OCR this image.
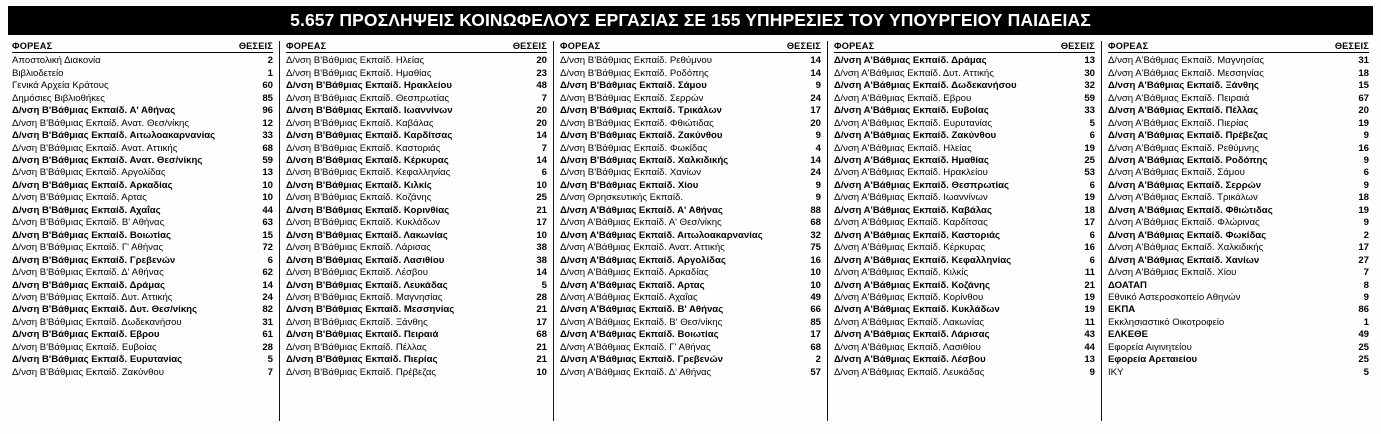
5.657 ΠΡΟΣΛΗΨΕΙΣ ΚΟΙΝΩΦΕΛΟΥΣ ΕΡΓΑΣΙΑΣ ΣΕ 155 ΥΠΗΡΕΣΙΕΣ ΤΟΥ ΥΠΟΥΡΓΕΙΟΥ ΠΑΙΔΕΙΑΣ
ΦΟΡΕΑΣ	ΘΕΣΕΙΣ
Αποστολική Διακονία	2
Βιβλιοδετείο	1
Γενικά Αρχεία Κράτους	60
Δημόσιες Βιβλιοθήκες	85
Δ/νση Β'Βάθμιας Εκπαίδ. Α' Αθήνας	96
Δ/νση Β'Βάθμιας Εκπαίδ. Ανατ. Θεσ/νίκης	12
Δ/νση Β'Βάθμιας Εκπαίδ. Αιτωλοακαρνανίας	33
Δ/νση Β'Βάθμιας Εκπαίδ. Ανατ. Αττικής	68
Δ/νση Β'Βάθμιας Εκπαίδ. Ανατ. Θεσ/νίκης	59
Δ/νση Β'Βάθμιας Εκπαίδ. Αργολίδας	13
Δ/νση Β'Βάθμιας Εκπαίδ. Αρκαδίας	10
Δ/νση Β'Βάθμιας Εκπαίδ. Αρτας	10
Δ/νση Β'Βάθμιας Εκπαίδ. Αχαΐας	44
Δ/νση Β'Βάθμιας Εκπαίδ. Β' Αθήνας	63
Δ/νση Β'Βάθμιας Εκπαίδ. Βοιωτίας	15
Δ/νση Β'Βάθμιας Εκπαίδ. Γ' Αθήνας	72
Δ/νση Β'Βάθμιας Εκπαίδ. Γρεβενών	6
Δ/νση Β'Βάθμιας Εκπαίδ. Δ' Αθήνας	62
Δ/νση Β'Βάθμιας Εκπαίδ. Δράμας	14
Δ/νση Β'Βάθμιας Εκπαίδ. Δυτ. Αττικής	24
Δ/νση Β'Βάθμιας Εκπαίδ. Δυτ. Θεσ/νίκης	82
Δ/νση Β'Βάθμιας Εκπαίδ. Δωδεκανήσου	31
Δ/νση Β'Βάθμιας Εκπαίδ. Εβρου	61
Δ/νση Β'Βάθμιας Εκπαίδ. Ευβοίας	28
Δ/νση Β'Βάθμιας Εκπαίδ. Ευρυτανίας	5
Δ/νση Β'Βάθμιας Εκπαίδ. Ζακύνθου	7
ΦΟΡΕΑΣ	ΘΕΣΕΙΣ
Δ/νση Β'Βάθμιας Εκπαίδ. Ηλείας	20
Δ/νση Β'Βάθμιας Εκπαίδ. Ημαθίας	23
Δ/νση Β'Βάθμιας Εκπαίδ. Ηρακλείου	48
Δ/νση Β'Βάθμιας Εκπαίδ. Θεσπρωτίας	7
Δ/νση Β'Βάθμιας Εκπαίδ. Ιωαννίνων	20
Δ/νση Β'Βάθμιας Εκπαίδ. Καβάλας	20
Δ/νση Β'Βάθμιας Εκπαίδ. Καρδίτσας	14
Δ/νση Β'Βάθμιας Εκπαίδ. Καστοριάς	7
Δ/νση Β'Βάθμιας Εκπαίδ. Κέρκυρας	14
Δ/νση Β'Βάθμιας Εκπαίδ. Κεφαλληνίας	6
Δ/νση Β'Βάθμιας Εκπαίδ. Κιλκίς	10
Δ/νση Β'Βάθμιας Εκπαίδ. Κοζάνης	25
Δ/νση Β'Βάθμιας Εκπαίδ. Κορινθίας	21
Δ/νση Β'Βάθμιας Εκπαίδ. Κυκλάδων	17
Δ/νση Β'Βάθμιας Εκπαίδ. Λακωνίας	10
Δ/νση Β'Βάθμιας Εκπαίδ. Λάρισας	38
Δ/νση Β'Βάθμιας Εκπαίδ. Λασιθίου	38
Δ/νση Β'Βάθμιας Εκπαίδ. Λέσβου	14
Δ/νση Β'Βάθμιας Εκπαίδ. Λευκάδας	5
Δ/νση Β'Βάθμιας Εκπαίδ. Μαγνησίας	28
Δ/νση Β'Βάθμιας Εκπαίδ. Μεσσηνίας	21
Δ/νση Β'Βάθμιας Εκπαίδ. Ξάνθης	17
Δ/νση Β'Βάθμιας Εκπαίδ. Πειραιά	68
Δ/νση Β'Βάθμιας Εκπαίδ. Πέλλας	21
Δ/νση Β'Βάθμιας Εκπαίδ. Πιερίας	21
Δ/νση Β'Βάθμιας Εκπαίδ. Πρέβεζας	10
ΦΟΡΕΑΣ	ΘΕΣΕΙΣ
Δ/νση Β'Βάθμιας Εκπαίδ. Ρεθύμνου	14
Δ/νση Β'Βάθμιας Εκπαίδ. Ροδόπης	14
Δ/νση Β'Βάθμιας Εκπαίδ. Σάμου	9
Δ/νση Β'Βάθμιας Εκπαίδ. Σερρών	24
Δ/νση Β'Βάθμιας Εκπαίδ. Τρικάλων	17
Δ/νση Β'Βάθμιας Εκπαίδ. Φθιώτιδας	20
Δ/νση Β'Βάθμιας Εκπαίδ. Ζακύνθου	9
Δ/νση Β'Βάθμιας Εκπαίδ. Φωκίδας	4
Δ/νση Β'Βάθμιας Εκπαίδ. Χαλκιδικής	14
Δ/νση Β'Βάθμιας Εκπαίδ. Χανίων	24
Δ/νση Β'Βάθμιας Εκπαίδ. Χίου	9
Δ/νση Θρησκευτικής Εκπαίδ.	9
Δ/νση Α'Βάθμιας Εκπαίδ. Α' Αθήνας	88
Δ/νση Α'Βάθμιας Εκπαίδ. Α' Θεσ/νίκης	68
Δ/νση Α'Βάθμιας Εκπαίδ. Αιτωλοακαρνανίας	32
Δ/νση Α'Βάθμιας Εκπαίδ. Ανατ. Αττικής	75
Δ/νση Α'Βάθμιας Εκπαίδ. Αργολίδας	16
Δ/νση Α'Βάθμιας Εκπαίδ. Αρκαδίας	10
Δ/νση Α'Βάθμιας Εκπαίδ. Αρτας	10
Δ/νση Α'Βάθμιας Εκπαίδ. Αχαΐας	49
Δ/νση Α'Βάθμιας Εκπαίδ. Β' Αθήνας	66
Δ/νση Α'Βάθμιας Εκπαίδ. Β' Θεσ/νίκης	85
Δ/νση Α'Βάθμιας Εκπαίδ. Βοιωτίας	17
Δ/νση Α'Βάθμιας Εκπαίδ. Γ' Αθήνας	68
Δ/νση Α'Βάθμιας Εκπαίδ. Γρεβενών	2
Δ/νση Α'Βάθμιας Εκπαίδ. Δ' Αθήνας	57
ΦΟΡΕΑΣ	ΘΕΣΕΙΣ
Δ/νση Α'Βάθμιας Εκπαίδ. Δράμας	13
Δ/νση Α'Βάθμιας Εκπαίδ. Δυτ. Αττικής	30
Δ/νση Α'Βάθμιας Εκπαίδ. Δωδεκανήσου	32
Δ/νση Α'Βάθμιας Εκπαίδ. Εβρου	59
Δ/νση Α'Βάθμιας Εκπαίδ. Ευβοίας	33
Δ/νση Α'Βάθμιας Εκπαίδ. Ευρυτανίας	5
Δ/νση Α'Βάθμιας Εκπαίδ. Ζακύνθου	6
Δ/νση Α'Βάθμιας Εκπαίδ. Ηλείας	19
Δ/νση Α'Βάθμιας Εκπαίδ. Ημαθίας	25
Δ/νση Α'Βάθμιας Εκπαίδ. Ηρακλείου	53
Δ/νση Α'Βάθμιας Εκπαίδ. Θεσπρωτίας	6
Δ/νση Α'Βάθμιας Εκπαίδ. Ιωαννίνων	19
Δ/νση Α'Βάθμιας Εκπαίδ. Καβάλας	18
Δ/νση Α'Βάθμιας Εκπαίδ. Καρδίτσας	17
Δ/νση Α'Βάθμιας Εκπαίδ. Καστοριάς	6
Δ/νση Α'Βάθμιας Εκπαίδ. Κέρκυρας	16
Δ/νση Α'Βάθμιας Εκπαίδ. Κεφαλληνίας	6
Δ/νση Α'Βάθμιας Εκπαίδ. Κιλκίς	11
Δ/νση Α'Βάθμιας Εκπαίδ. Κοζάνης	21
Δ/νση Α'Βάθμιας Εκπαίδ. Κορίνθου	19
Δ/νση Α'Βάθμιας Εκπαίδ. Κυκλάδων	19
Δ/νση Α'Βάθμιας Εκπαίδ. Λακωνίας	11
Δ/νση Α'Βάθμιας Εκπαίδ. Λάρισας	43
Δ/νση Α'Βάθμιας Εκπαίδ. Λασιθίου	44
Δ/νση Α'Βάθμιας Εκπαίδ. Λέσβου	13
Δ/νση Α'Βάθμιας Εκπαίδ. Λευκάδας	9
ΦΟΡΕΑΣ	ΘΕΣΕΙΣ
Δ/νση Α'Βάθμιας Εκπαίδ. Μαγνησίας	31
Δ/νση Α'Βάθμιας Εκπαίδ. Μεσσηνίας	18
Δ/νση Α'Βάθμιας Εκπαίδ. Ξάνθης	15
Δ/νση Α'Βάθμιας Εκπαίδ. Πειραιά	67
Δ/νση Α'Βάθμιας Εκπαίδ. Πέλλας	20
Δ/νση Α'Βάθμιας Εκπαίδ. Πιερίας	19
Δ/νση Α'Βάθμιας Εκπαίδ. Πρέβεζας	9
Δ/νση Α'Βάθμιας Εκπαίδ. Ρεθύμνης	16
Δ/νση Α'Βάθμιας Εκπαίδ. Ροδόπης	9
Δ/νση Α'Βάθμιας Εκπαίδ. Σάμου	6
Δ/νση Α'Βάθμιας Εκπαίδ. Σερρών	9
Δ/νση Α'Βάθμιας Εκπαίδ. Τρικάλων	18
Δ/νση Α'Βάθμιας Εκπαίδ. Φθιώτιδας	19
Δ/νση Α'Βάθμιας Εκπαίδ. Φλώρινας	9
Δ/νση Α'Βάθμιας Εκπαίδ. Φωκίδας	2
Δ/νση Α'Βάθμιας Εκπαίδ. Χαλκιδικής	17
Δ/νση Α'Βάθμιας Εκπαίδ. Χανίων	27
Δ/νση Α'Βάθμιας Εκπαίδ. Χίου	7
ΔΟΑΤΑΠ	8
Εθνικό Αστεροσκοπείο Αθηνών	9
ΕΚΠΑ	86
Εκκλησιαστικό Οικοτροφείο	1
ΕΛΚΕΘΕ	49
Εφορεία Αιγινητείου	25
Εφορεία Αρεταιείου	25
ΙΚΥ	5
